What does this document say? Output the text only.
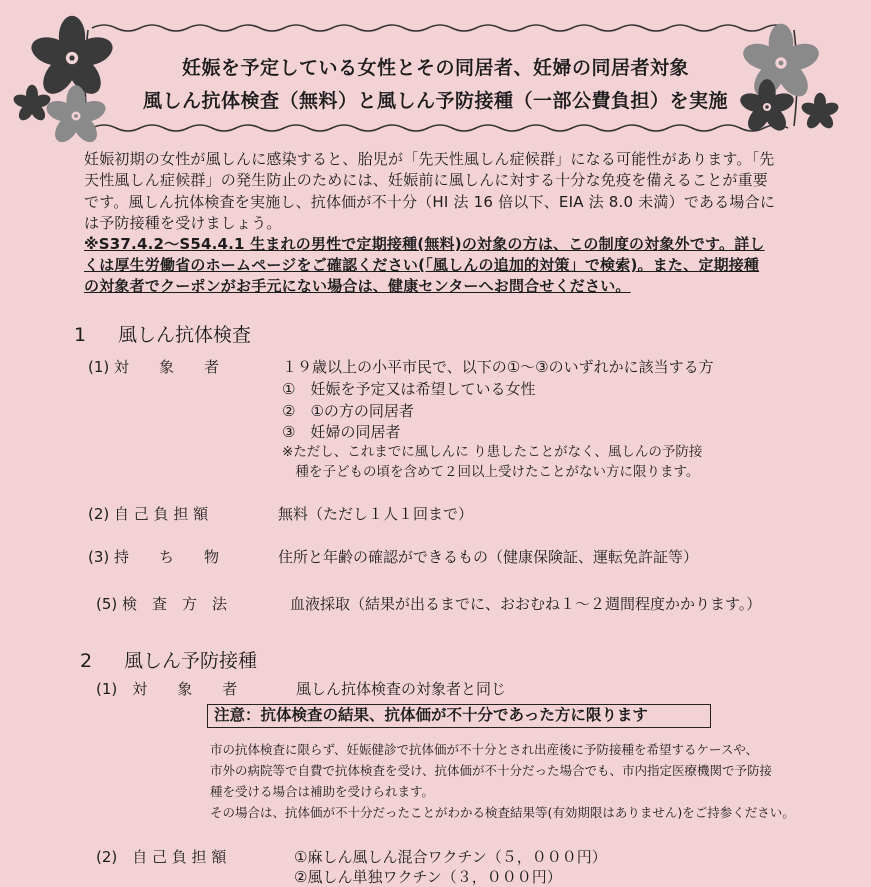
妊娠を予定している女性とその同居者、妊婦の同居者対象
風しん抗体検査（無料）と風しん予防接種（一部公費負担）を実施
妊娠初期の女性が風しんに感染すると、胎児が「先天性風しん症候群」になる可能性があります。「先
天性風しん症候群」の発生防止のためには、妊娠前に風しんに対する十分な免疫を備えることが重要
です。風しん抗体検査を実施し、抗体価が不十分（HI 法 16 倍以下、EIA 法 8.0 未満）である場合に
は予防接種を受けましょう。
※S37.4.2～S54.4.1 生まれの男性で定期接種(無料)の対象の方は、この制度の対象外です。詳し
くは厚生労働省のホームページをご確認ください(「風しんの追加的対策」で検索)。また、定期接種
の対象者でクーポンがお手元にない場合は、健康センターへお問合せください。
1 風しん抗体検査
(1) 対　　象　　者	１９歳以上の小平市民で、以下の①～③のいずれかに該当する方
①　妊娠を予定又は希望している女性
②　①の方の同居者
③　妊婦の同居者
※ただし、これまでに風しんに り患したことがなく、風しんの予防接
　種を子どもの頃を含めて２回以上受けたことがない方に限ります。
(2) 自 己 負 担 額	無料（ただし１人１回まで）
(3) 持　　ち　　物	住所と年齢の確認ができるもの（健康保険証、運転免許証等）
(5) 検　査　方　法	血液採取（結果が出るまでに、おおむね１～２週間程度かかります。）
2 風しん予防接種
(1)　対　　象　　者	風しん抗体検査の対象者と同じ
注意：抗体検査の結果、抗体価が不十分であった方に限ります
市の抗体検査に限らず、妊娠健診で抗体価が不十分とされ出産後に予防接種を希望するケースや、
市外の病院等で自費で抗体検査を受け、抗体価が不十分だった場合でも、市内指定医療機関で予防接
種を受ける場合は補助を受けられます。
その場合は、抗体価が不十分だったことがわかる検査結果等(有効期限はありません)をご持参ください。
(2)　自 己 負 担 額	①麻しん風しん混合ワクチン（５，０００円）
②風しん単独ワクチン（３，０００円）
